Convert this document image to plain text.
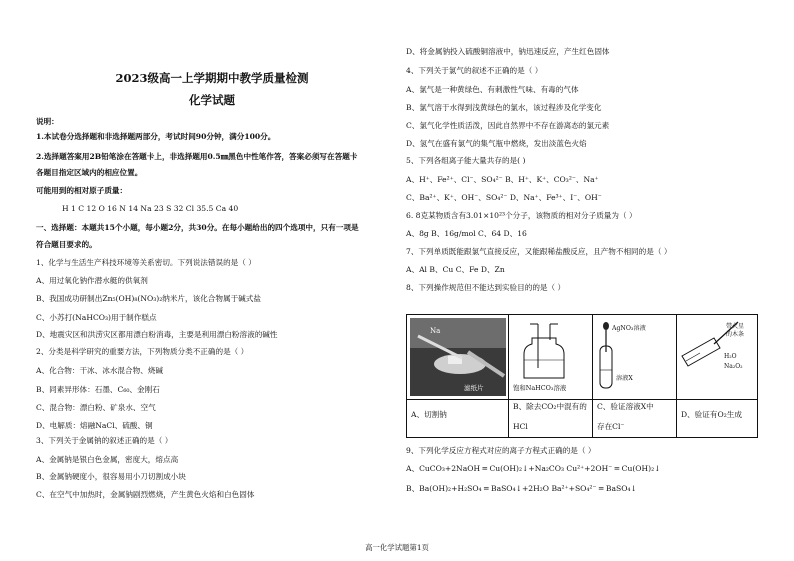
2023级高一上学期期中教学质量检测
化学试题
说明：
1.本试卷分选择题和非选择题两部分，考试时间90分钟，满分100分。
2.选择题答案用2B铅笔涂在答题卡上，非选择题用0.5㎜黑色中性笔作答，答案必须写在答题卡
各题目指定区域内的相应位置。
可能用到的相对原子质量：
H 1 C 12 O 16 N 14 Na 23 S 32 Cl 35.5 Ca 40
一、选择题：本题共15个小题，每小题2分，共30分。在每小题给出的四个选项中，只有一项是
符合题目要求的。
1、化学与生活生产科技环境等关系密切。下列说法错误的是（ ）
A、用过氧化钠作潜水艇的供氧剂
B、我国成功研制出Zn₅(OH)₈(NO₃)₂纳米片，该化合物属于碱式盐
C、小苏打(NaHCO₃)用于制作糕点
D、地震灾区和洪涝灾区都用漂白粉消毒，主要是利用漂白粉溶液的碱性
2、分类是科学研究的重要方法，下列物质分类不正确的是（ ）
A、化合物：干冰、冰水混合物、烧碱
B、同素异形体：石墨、C₆₀、金刚石
C、混合物：漂白粉、矿泉水、空气
D、电解质：熔融NaCl、硫酸、铜
3、下列关于金属钠的叙述正确的是（ ）
A、金属钠是银白色金属，密度大，熔点高
B、金属钠硬度小，很容易用小刀切割成小块
C、在空气中加热时，金属钠剧烈燃烧，产生黄色火焰和白色固体
D、将金属钠投入硫酸铜溶液中，钠迅速反应，产生红色固体
4、下列关于氯气的叙述不正确的是（ ）
A、氯气是一种黄绿色、有刺激性气味、有毒的气体
B、氯气溶于水得到浅黄绿色的氯水，该过程涉及化学变化
C、氯气化学性质活泼，因此自然界中不存在游离态的氯元素
D、氢气在盛有氯气的集气瓶中燃烧，发出淡蓝色火焰
5、下列各组离子能大量共存的是( )
A、H⁺、Fe²⁺、Cl⁻、SO₄²⁻ B、H⁺、K⁺、CO₃²⁻、Na⁺
C、Ba²⁺、K⁺、OH⁻、SO₄²⁻ D、Na⁺、Fe³⁺、I⁻、OH⁻
6. 8克某物质含有3.01×10²³个分子，该物质的相对分子质量为（ ）
A、8g B、16g/mol C、64 D、16
7、下列单质既能跟氯气直接反应，又能跟稀盐酸反应，且产物不相同的是（ ）
A、Al B、Cu C、Fe D、Zn
8、下列操作规范但不能达到实验目的的是（ ）
Na
滤纸片
A、切割钠
饱和NaHCO₃溶液
B、除去CO₂中混有的
HCl
AgNO₃溶液
溶液X
C、验证溶液X中
存在Cl⁻
带火星
的木条
H₂O
Na₂O₂
D、验证有O₂生成
9、下列化学反应方程式对应的离子方程式正确的是（ ）
A、CuCO₃+2NaOH ═ Cu(OH)₂↓+Na₂CO₃ Cu²⁺+2OH⁻ ═ Cu(OH)₂↓
B、Ba(OH)₂+H₂SO₄ ═ BaSO₄↓+2H₂O Ba²⁺+SO₄²⁻ ═ BaSO₄↓
高一化学试题第1页
